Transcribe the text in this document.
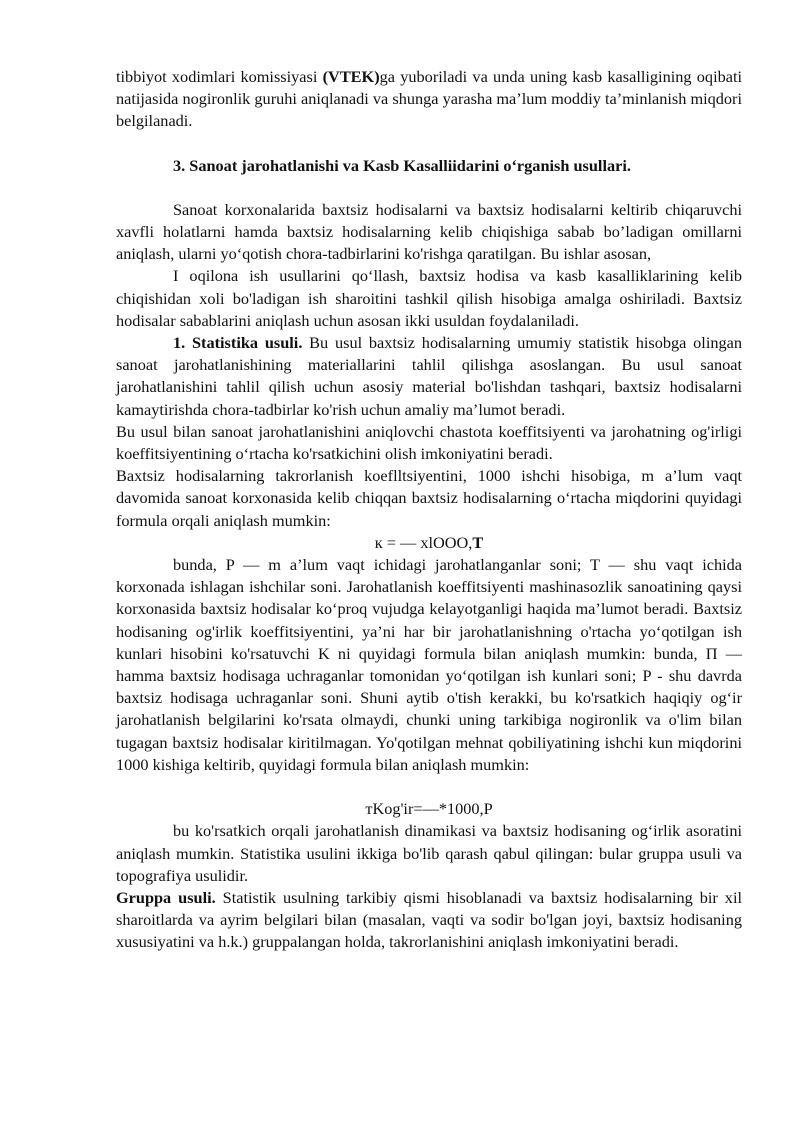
tibbiyot xodimlari komissiyasi (VTEK)ga yuboriladi va unda uning kasb kasalligining oqibati natijasida nogironlik guruhi aniqlanadi va shunga yarasha ma’lum moddiy ta’minlanish miqdori belgilanadi.

3. Sanoat jarohatlanishi va Kasb Kasalliidarini o‘rganish usullari.

Sanoat korxonalarida baxtsiz hodisalarni va baxtsiz hodisalarni keltirib chiqaruvchi xavfli holatlarni hamda baxtsiz hodisalarning kelib chiqishiga sabab bo’ladigan omillarni aniqlash, ularni yo‘qotish chora-tadbirlarini ko'rishga qaratilgan. Bu ishlar asosan,

I oqilona ish usullarini qo‘llash, baxtsiz hodisa va kasb kasalliklarining kelib chiqishidan xoli bo'ladigan ish sharoitini tashkil qilish hisobiga amalga oshiriladi. Baxtsiz hodisalar sabablarini aniqlash uchun asosan ikki usuldan foydalaniladi.

1. Statistika usuli. Bu usul baxtsiz hodisalarning umumiy statistik hisobga olingan sanoat jarohatlanishining materiallarini tahlil qilishga asoslangan. Bu usul sanoat jarohatlanishini tahlil qilish uchun asosiy material bo'lishdan tashqari, baxtsiz hodisalarni kamaytirishda chora-tadbirlar ko'rish uchun amaliy ma’lumot beradi.

Bu usul bilan sanoat jarohatlanishini aniqlovchi chastota koeffitsiyenti va jarohatning og'irligi koeffitsiyentining o‘rtacha ko'rsatkichini olish imkoniyatini beradi.

Baxtsiz hodisalarning takrorlanish koeflltsiyentini, 1000 ishchi hisobiga, m a’lum vaqt davomida sanoat korxonasida kelib chiqqan baxtsiz hodisalarning o‘rtacha miqdorini quyidagi formula orqali aniqlash mumkin:

к = — xlOOO,T

bunda, P — m a’lum vaqt ichidagi jarohatlanganlar soni; T — shu vaqt ichida korxonada ishlagan ishchilar soni. Jarohatlanish koeffitsiyenti mashinasozlik sanoatining qaysi korxonasida baxtsiz hodisalar ko‘proq vujudga kelayotganligi haqida ma’lumot beradi. Baxtsiz hodisaning og'irlik koeffitsiyentini, ya’ni har bir jarohatlanishning o'rtacha yo‘qotilgan ish kunlari hisobini ko'rsatuvchi K ni quyidagi formula bilan aniqlash mumkin: bunda, П — hamma baxtsiz hodisaga uchraganlar tomonidan yo‘qotilgan ish kunlari soni; P - shu davrda baxtsiz hodisaga uchraganlar soni. Shuni aytib o'tish kerakki, bu ko'rsatkich haqiqiy og‘ir jarohatlanish belgilarini ko'rsata olmaydi, chunki uning tarkibiga nogironlik va o'lim bilan tugagan baxtsiz hodisalar kiritilmagan. Yo'qotilgan mehnat qobiliyatining ishchi kun miqdorini 1000 kishiga keltirib, quyidagi formula bilan aniqlash mumkin:

тKog'ir=—*1000,P

bu ko'rsatkich orqali jarohatlanish dinamikasi va baxtsiz hodisaning og‘irlik asoratini aniqlash mumkin. Statistika usulini ikkiga bo'lib qarash qabul qilingan: bular gruppa usuli va topografiya usulidir.

Gruppa usuli. Statistik usulning tarkibiy qismi hisoblanadi va baxtsiz hodisalarning bir xil sharoitlarda va ayrim belgilari bilan (masalan, vaqti va sodir bo'lgan joyi, baxtsiz hodisaning xususiyatini va h.k.) gruppalangan holda, takrorlanishini aniqlash imkoniyatini beradi.
